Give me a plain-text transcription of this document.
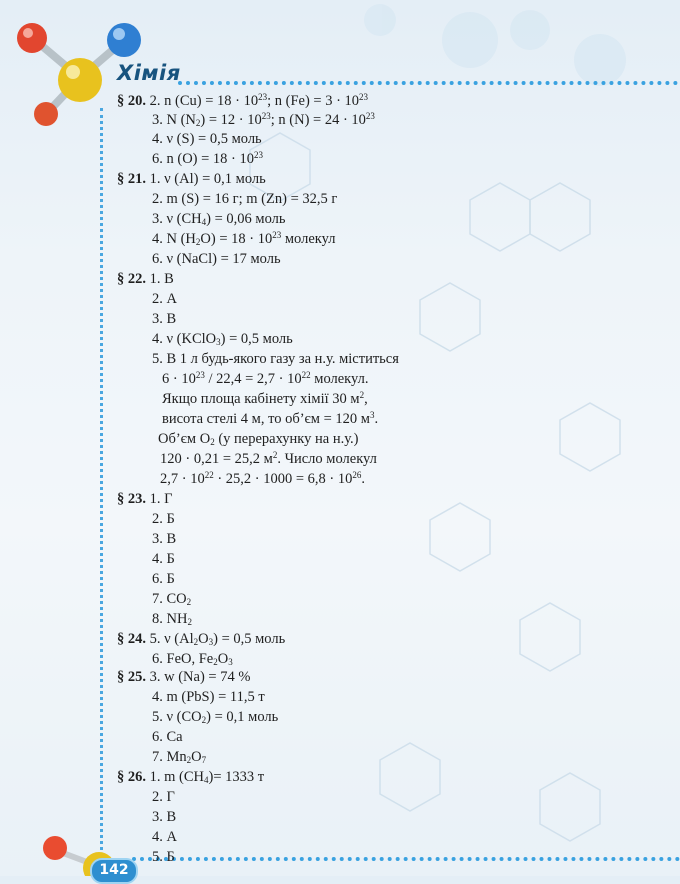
Хімія
142
§ 20. 2. n $(Cu) = 18 \cdot 10^{23}$; n $(Fe) = 3 \cdot 10^{23}$
3. N $(N_2) = 12 \cdot 10^{23}$; n $(N) = 24 \cdot 10^{23}$
4. ν (S) = 0,5 моль
6. n $(O) = 18 \cdot 10^{23}$
§ 21. 1. ν (Al) = 0,1 моль
2. m (S) = 16 г; m (Zn) = 32,5 г
3. ν $(CH_4) = 0,06$ моль
4. N $(H_2O) = 18 \cdot 10^{23}$ молекул
6. ν (NaCl) = 17 моль
§ 22. 1. В
2. А
3. В
4. ν (KClO$_3$) = 0,5 моль
5. В 1 л будь-якого газу за н.у. міститься
$6 \cdot 10^{23} / 22,4 = 2,7 \cdot 10^{22}$ молекул.
Якщо площа кабінету хімії 30 $м^2$,
висота стелі 4 м, то об’єм = 120 $м^3$.
Об’єм $O_2$ (у перерахунку на н.у.)
120 · 0,21 = 25,2 $м^2$. Число молекул
$2,7 \cdot 10^{22} \cdot 25,2 \cdot 1000 = 6,8 \cdot 10^{26}$.
§ 23. 1. Г
2. Б
3. В
4. Б
6. Б
7. $CO_2$
8. $NH_2$
§ 24. 5. ν $(Al_2O_3) = 0,5$ моль
6. FeO, $Fe_2O_3$
§ 25. 3. w (Na) = 74 %
4. m (PbS) = 11,5 т
5. ν $(CO_2) = 0,1$ моль
6. Ca
7. $Mn_2O_7$
§ 26. 1. m $(CH_4)= 1333$ т
2. Г
3. В
4. А
5. Б
